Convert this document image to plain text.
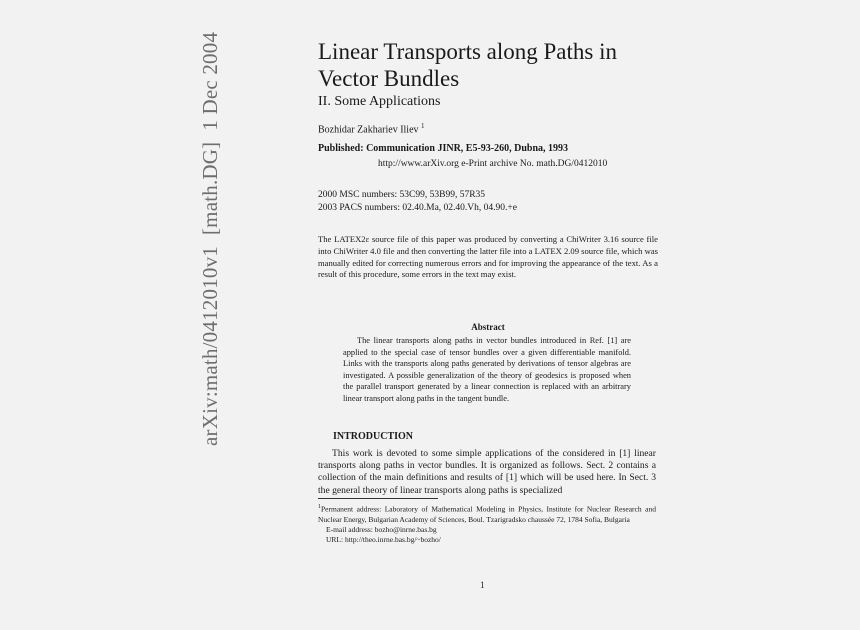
arXiv:math/0412010v1[math.DG]1 Dec 2004	Linear Transports along Paths in Vector Bundles
II. Some Applications
Bozhidar Zakhariev Iliev $^1$
Published: Communication JINR, E5-93-260, Dubna, 1993
http://www.arXiv.org e-Print archive No. math.DG/0412010
2000 MSC numbers: 53C99, 53B99, 57R35
2003 PACS numbers: 02.40.Ma, 02.40.Vh, 04.90.+e
The LATEX2ε source file of this paper was produced by converting a ChiWriter 3.16 source file into ChiWriter 4.0 file and then converting the latter file into a LATEX 2.09 source file, which was manually edited for correcting numerous errors and for improving the appearance of the text. As a result of this procedure, some errors in the text may exist.
Abstract
The linear transports along paths in vector bundles introduced in Ref. [1] are applied to the special case of tensor bundles over a given differentiable manifold. Links with the transports along paths generated by derivations of tensor algebras are investigated. A possible generalization of the theory of geodesics is proposed when the parallel transport generated by a linear connection is replaced with an arbitrary linear transport along paths in the tangent bundle.
INTRODUCTION
This work is devoted to some simple applications of the considered in [1] linear transports along paths in vector bundles. It is organized as follows. Sect. 2 contains a collection of the main definitions and results of [1] which will be used here. In Sect. 3 the general theory of linear transports along paths is specialized
$^1$Permanent address: Laboratory of Mathematical Modeling in Physics, Institute for Nuclear Research and Nuclear Energy, Bulgarian Academy of Sciences, Boul. Tzarigradsko chaussée 72, 1784 Sofia, Bulgaria
E-mail address: bozho@inrne.bas.bg
URL: http://theo.inrne.bas.bg/~bozho/
1
